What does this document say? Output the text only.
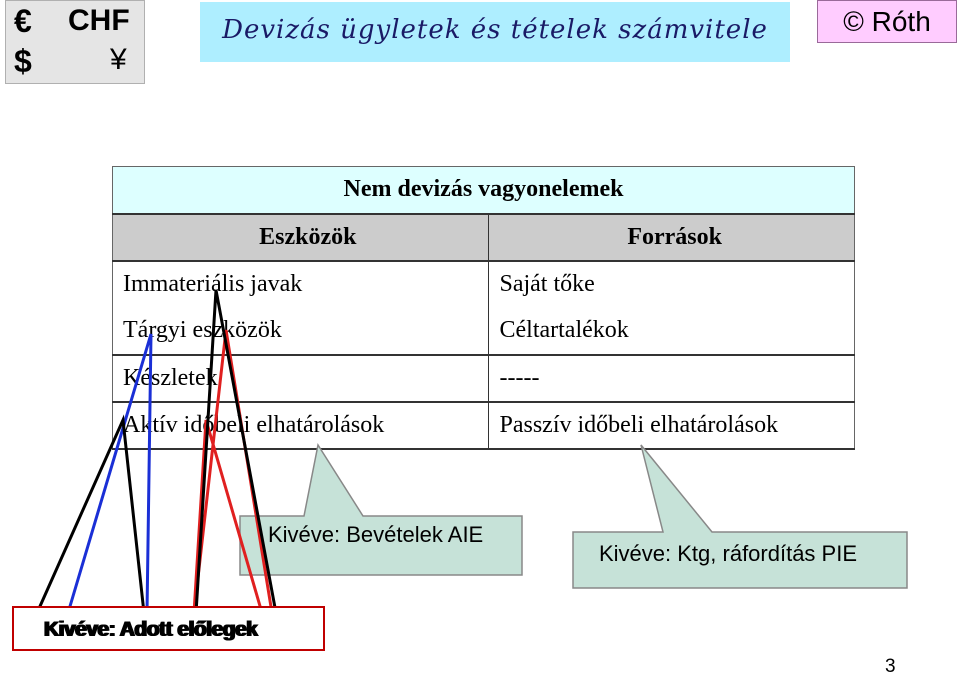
€ CHF
$	¥
Devizás ügyletek és tételek számvitele	© Róth
Nem devizás vagyonelemek	
Eszközök	Források
Immateriális javak	Saját tőke
Tárgyi eszközök	Céltartalékok
Készletek	-----
Aktív időbeli elhatárolások	Passzív időbeli elhatárolások
Kivéve: Bevételek AIE
Kivéve: Ktg, ráfordítás PIE
Kivéve: Adott előlegek
3
